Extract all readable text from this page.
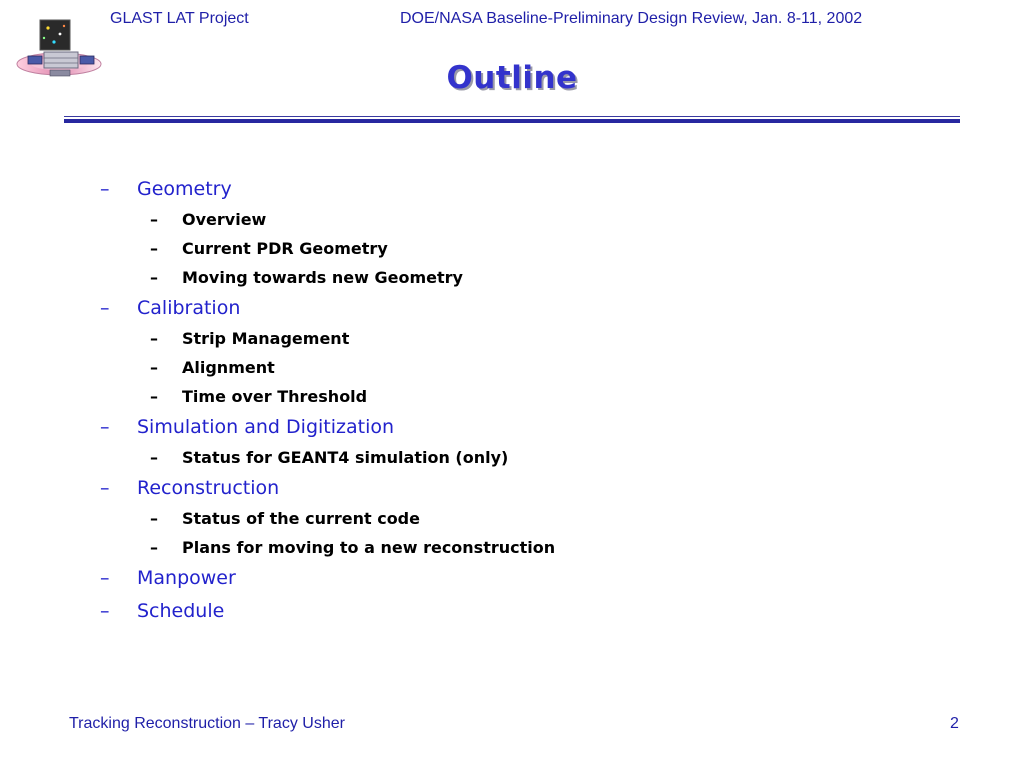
GLAST LAT Project	DOE/NASA Baseline-Preliminary Design Review, Jan. 8-11, 2002
Outline
– Geometry
– Overview
– Current PDR Geometry
– Moving towards new Geometry
– Calibration
– Strip Management
– Alignment
– Time over Threshold
– Simulation and Digitization
– Status for GEANT4 simulation (only)
– Reconstruction
– Status of the current code
– Plans for moving to a new reconstruction
– Manpower
– Schedule
Tracking Reconstruction – Tracy Usher	2
